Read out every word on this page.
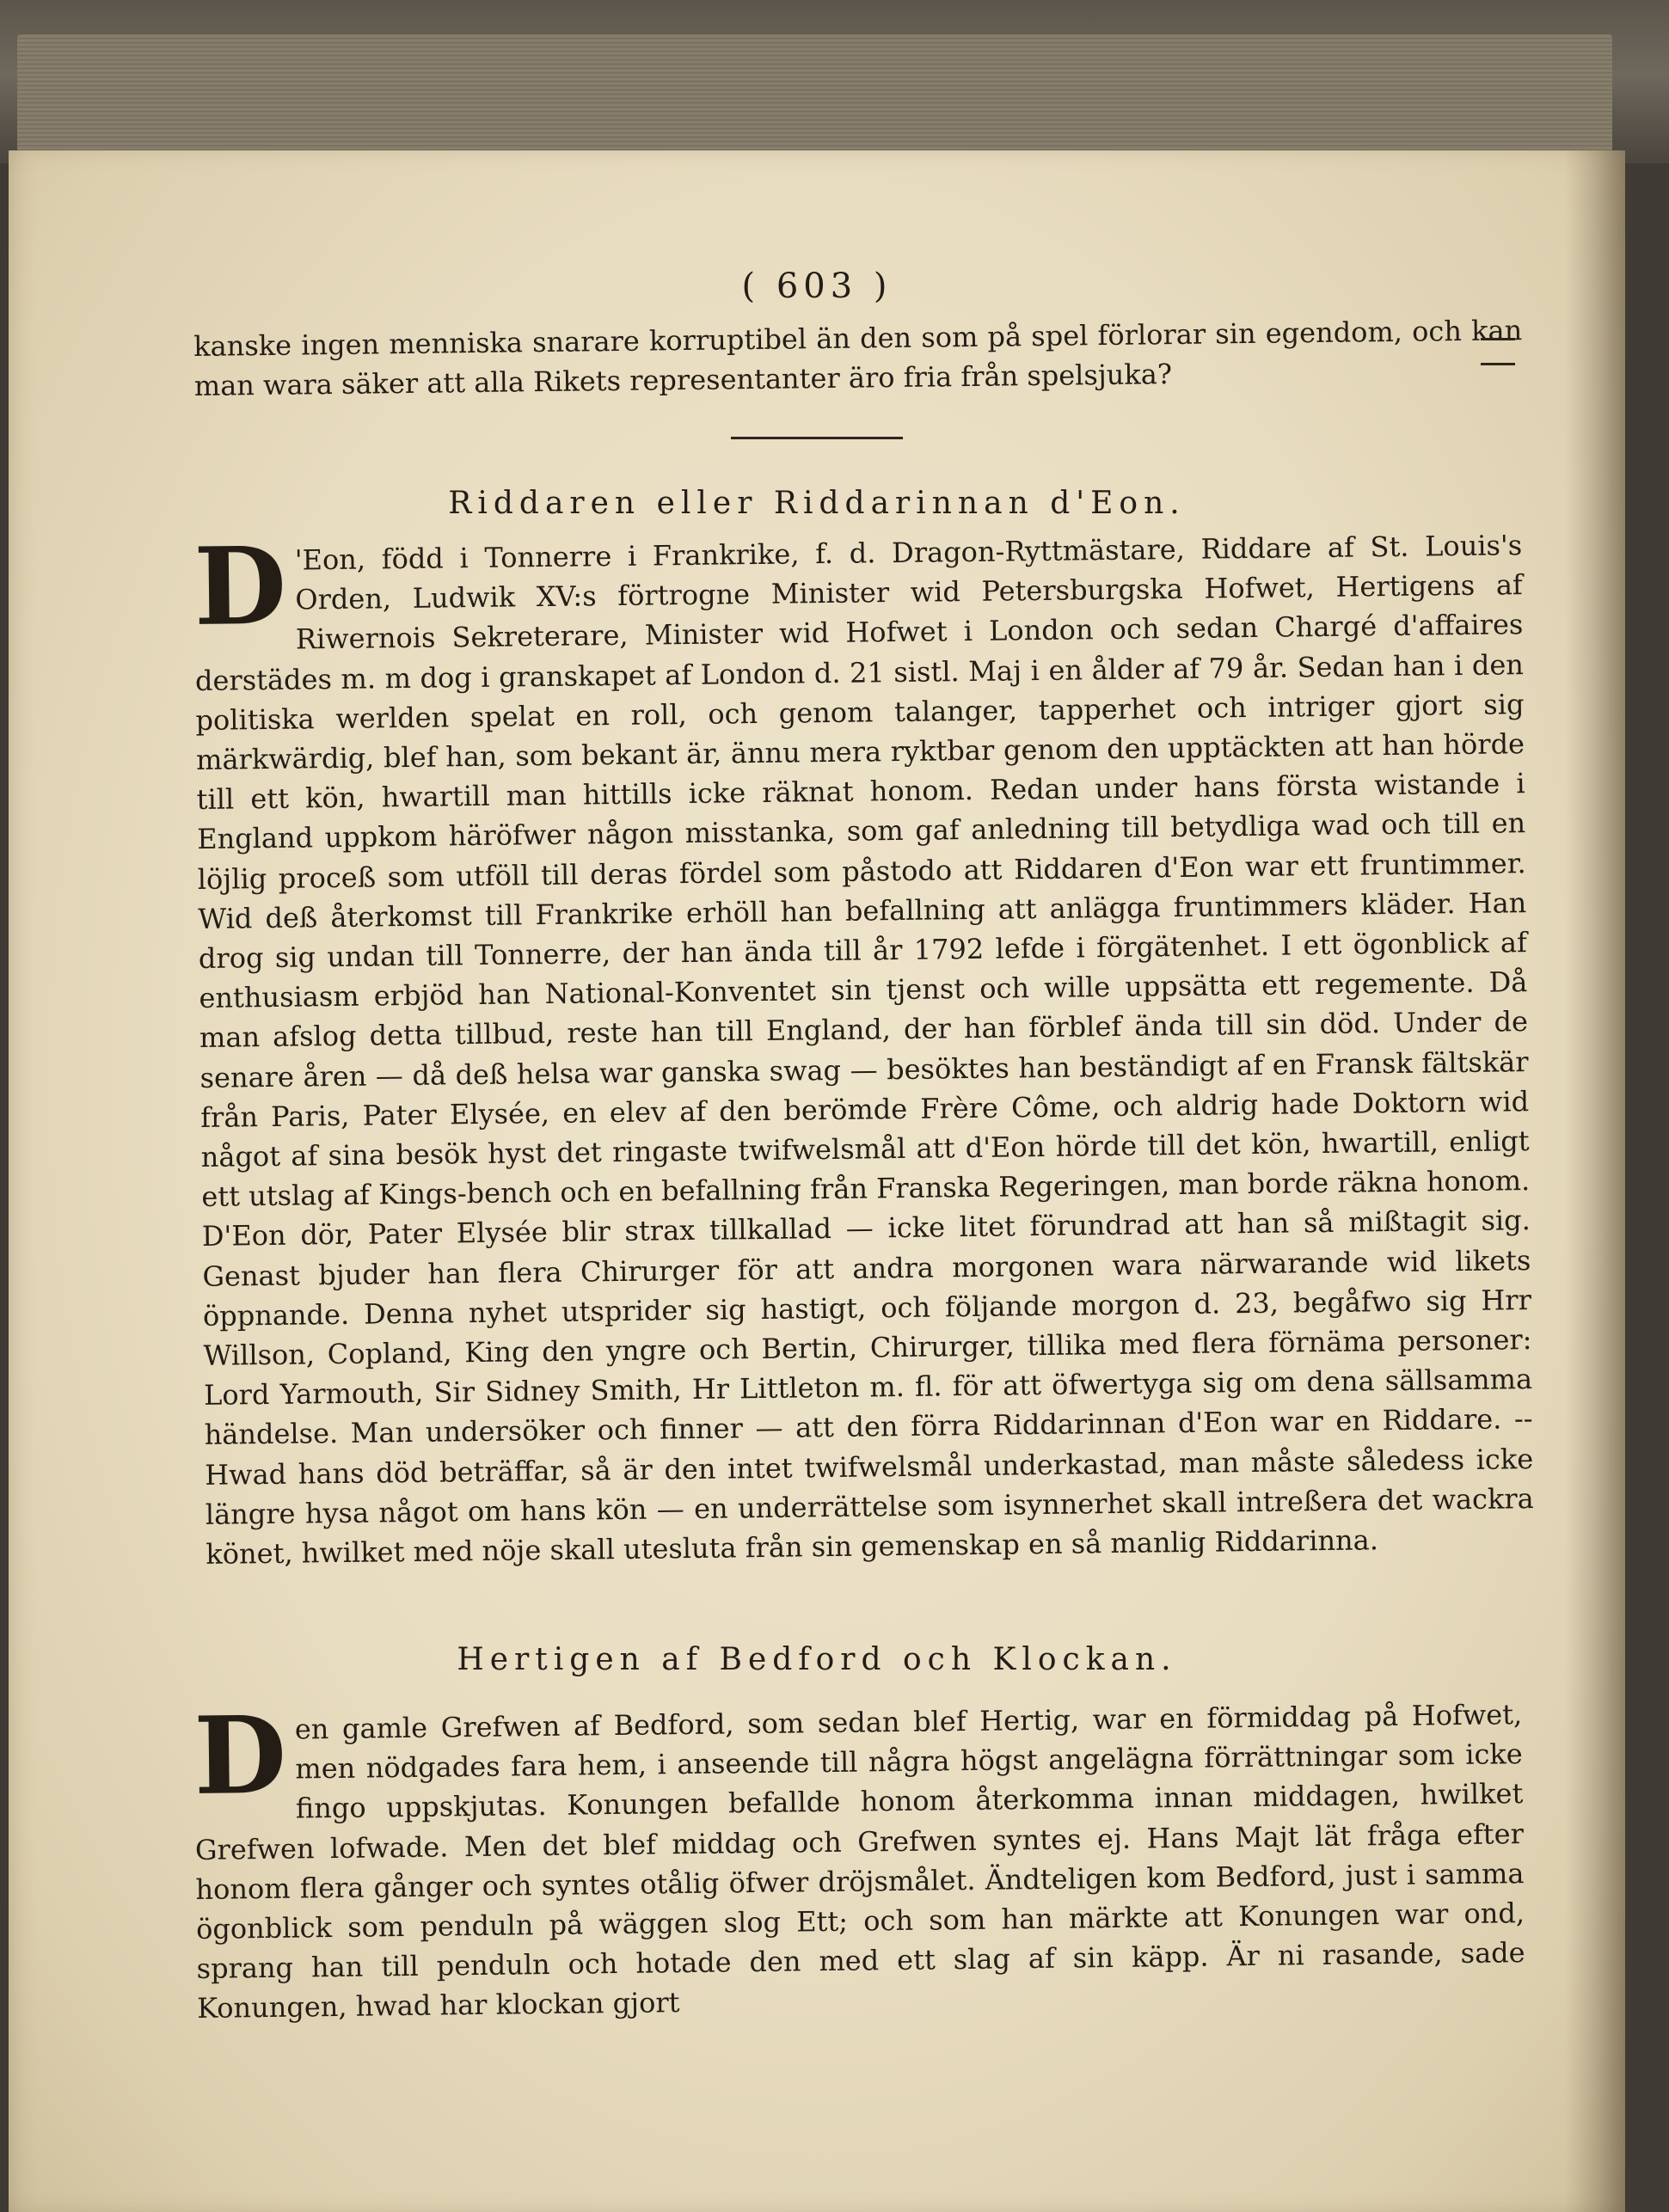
( 603 )

kanske ingen menniska snarare korruptibel än den som på spel förlorar sin egendom, och kan man wara säker att alla Rikets representanter äro fria från spelsjuka?

Riddaren eller Riddarinnan d'Eon.
D 'Eon, född i Tonnerre i Frankrike, f. d. Dragon-Ryttmästare, Riddare af St. Louis's Orden, Ludwik XV:s förtrogne Minister wid Petersburgska Hofwet, Hertigens af Riwernois Sekreterare, Minister wid Hofwet i London och sedan Chargé d'affaires derstädes m. m dog i granskapet af London d. 21 sistl. Maj i en ålder af 79 år. Sedan han i den politiska werlden spelat en roll, och genom talanger, tapperhet och intriger gjort sig märkwärdig, blef han, som bekant är, ännu mera ryktbar genom den upptäckten att han hörde till ett kön, hwartill man hittills icke räknat honom. Redan under hans första wistande i England uppkom häröfwer någon misstanka, som gaf anledning till betydliga wad och till en löjlig proceß som utföll till deras fördel som påstodo att Riddaren d'Eon war ett fruntimmer. Wid deß återkomst till Frankrike erhöll han befallning att anlägga fruntimmers kläder. Han drog sig undan till Tonnerre, der han ända till år 1792 lefde i förgätenhet. I ett ögonblick af enthusiasm erbjöd han National-Konventet sin tjenst och wille uppsätta ett regemente. Då man afslog detta tillbud, reste han till England, der han förblef ända till sin död. Under de senare åren — då deß helsa war ganska swag — besöktes han beständigt af en Fransk fältskär från Paris, Pater Elysée, en elev af den berömde Frère Côme, och aldrig hade Doktorn wid något af sina besök hyst det ringaste twifwelsmål att d'Eon hörde till det kön, hwartill, enligt ett utslag af Kings-bench och en befallning från Franska Regeringen, man borde räkna honom. D'Eon dör, Pater Elysée blir strax tillkallad — icke litet förundrad att han så mißtagit sig. Genast bjuder han flera Chirurger för att andra morgonen wara närwarande wid likets öppnande. Denna nyhet utsprider sig hastigt, och följande morgon d. 23, begåfwo sig Hrr Willson, Copland, King den yngre och Bertin, Chirurger, tillika med flera förnäma personer: Lord Yarmouth, Sir Sidney Smith, Hr Littleton m. fl. för att öfwertyga sig om dena sällsamma händelse. Man undersöker och finner — att den förra Riddarinnan d'Eon war en Riddare. -- Hwad hans död beträffar, så är den intet twifwelsmål underkastad, man måste såledess icke längre hysa något om hans kön — en underrättelse som isynnerhet skall intreßera det wackra könet, hwilket med nöje skall uteslutа från sin gemenskap en så manlig Riddarinna.

Hertigen af Bedford och Klockan.
D en gamle Grefwen af Bedford, som sedan blef Hertig, war en förmiddag på Hofwet, men nödgades fara hem, i anseende till några högst angelägna förrättningar som icke fingo uppskjutas. Konungen befallde honom återkomma innan middagen, hwilket Grefwen lofwade. Men det blef middag och Grefwen syntes ej. Hans Majt lät fråga efter honom flera gånger och syntes otålig öfwer dröjsmålet. Ändteligen kom Bedford, just i samma ögonblick som penduln på wäggen slog Ett; och som han märkte att Konungen war ond, sprang han till penduln och hotade den med ett slag af sin käpp. Är ni rasande, sade Konungen, hwad har klockan gjort
